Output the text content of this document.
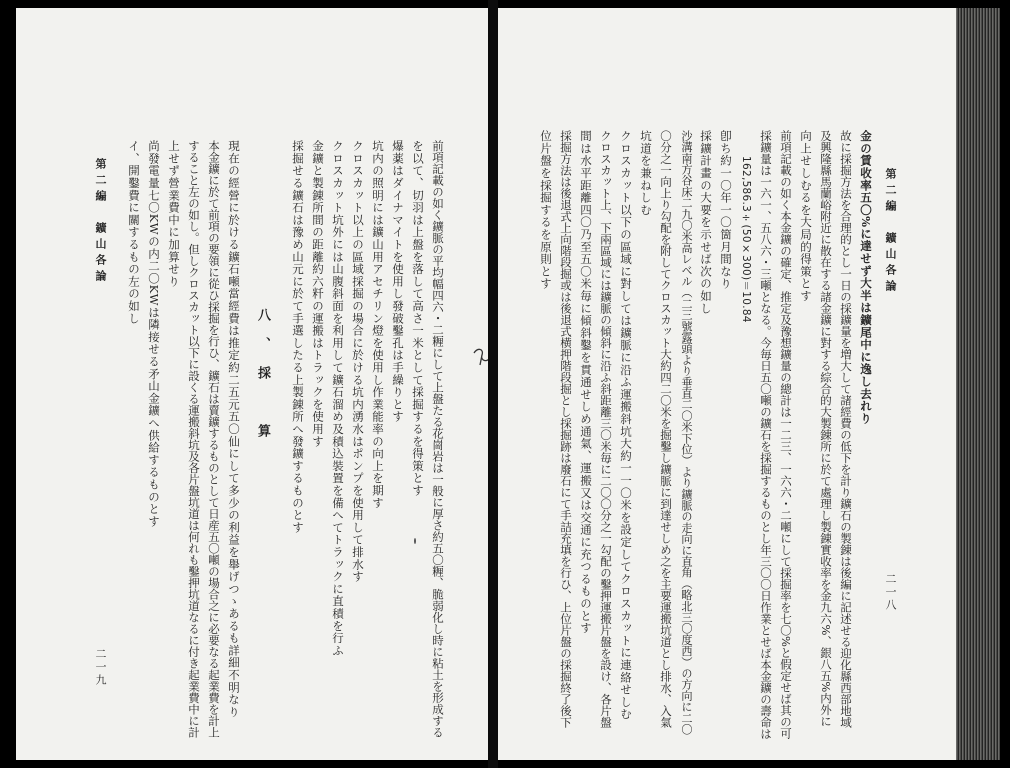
前項記載の如く鑛脈の平均幅四六・二糎にして上盤たる花崗岩は一般に厚さ約五〇糎、脆弱化し時に粘土を形成する
を以て、切羽は上盤を落して高さ一米として採掘するを得策とす
爆薬はダイナマイトを使用し發破鑿孔は手繰りとす
坑内の照明には鑛山用アセチリン燈を使用し作業能率の向上を期す
クロスカット以上の區域採掘の場合に於ける坑内湧水はポンプを使用して排水す
クロスカット坑外には山腹斜面を利用して鑛石溜め及積込裝置を備へてトラックに直積を行ふ
金鑛と製錬所間の距離約六粁の運搬はトラックを使用す
採掘せる鑛石は豫め山元に於て手選したる上製錬所へ發鑛するものとす
八、採　算
現在の經營に於ける鑛石噸當經費は推定約二五元五〇仙にして多少の利益を舉げつゝあるも詳細不明なり
本金鑛に於て前項の要領に從ひ採掘を行ひ、鑛石は賣鑛するものとして日産五〇噸の場合之に必要なる起業費を計上
すること左の如し。但しクロスカット以下に設くる運搬斜坑及各片盤坑道は何れも鑿押坑道なるに付き起業費中に計
上せず營業費中に加算せり
尚發電量七〇KWの内二〇KWは隣接せる矛山金鑛へ供給するものとす
イ、開鑿費に關するもの左の如し
第二編　鑛山各論
二一九
第二編　鑛山各論
金の賃收率五〇%に達せず大半は鑛尾中に逸し去れり
故に採掘方法を合理的とし一日の採鑛量を増大して諸經費の低下を計り鑛石の製錬は後編に記述せる迎化縣西部地域
及興隆縣馬蘭峪附近に散在する諸金鑛に對する綜合的大製錬所に於て處理し製錬實收率を金九六%、銀八五%内外に
向上せしむるを大局的得策とす
前項記載の如く本金鑛の確定、推定及豫想鑛量の總計は一二三、一六六・二噸にして採掘率を七〇%と假定せば其の可
採鑛量は一六一、五八六・三噸となる。今毎日五〇噸の鑛石を採掘するものとし年三〇〇日作業とせば本金鑛の壽命は
162,586.3÷(50×300)＝10.84
卽ち約一〇年一〇箇月間なり
採鑛計畫の大要を示せば次の如し
沙溝南方谷床二九〇米高レベル（二三號露頭より垂直二〇米下位）より鑛脈の走向に直角（略北三〇度西）の方向に二〇
〇分之一向上り勾配を附してクロスカット大約四二〇米を掘鑿し鑛脈に到達せしめ之を主要運搬坑道とし排水、入氣
坑道を兼ねしむ
クロスカット以下の區域に對しては鑛脈に沿ふ運搬斜坑大約一一〇米を設定してクロスカットに連絡せしむ
クロスカット上、下兩區域には鑛脈の傾斜に沿ふ斜距離三〇米毎に二〇〇分之一勾配の鑿押運搬片盤を設け、各片盤
間は水平距離四〇乃至五〇米毎に傾斜鑿を貫通せしめ通氣、運搬又は交通に充つるものとす
採掘方法は後退式上向階段掘或は後退式横押階段掘とし採掘跡は廢石にて手詰充填を行ひ、上位片盤の採掘終了後下
位片盤を採掘するを原則とす
二一八
